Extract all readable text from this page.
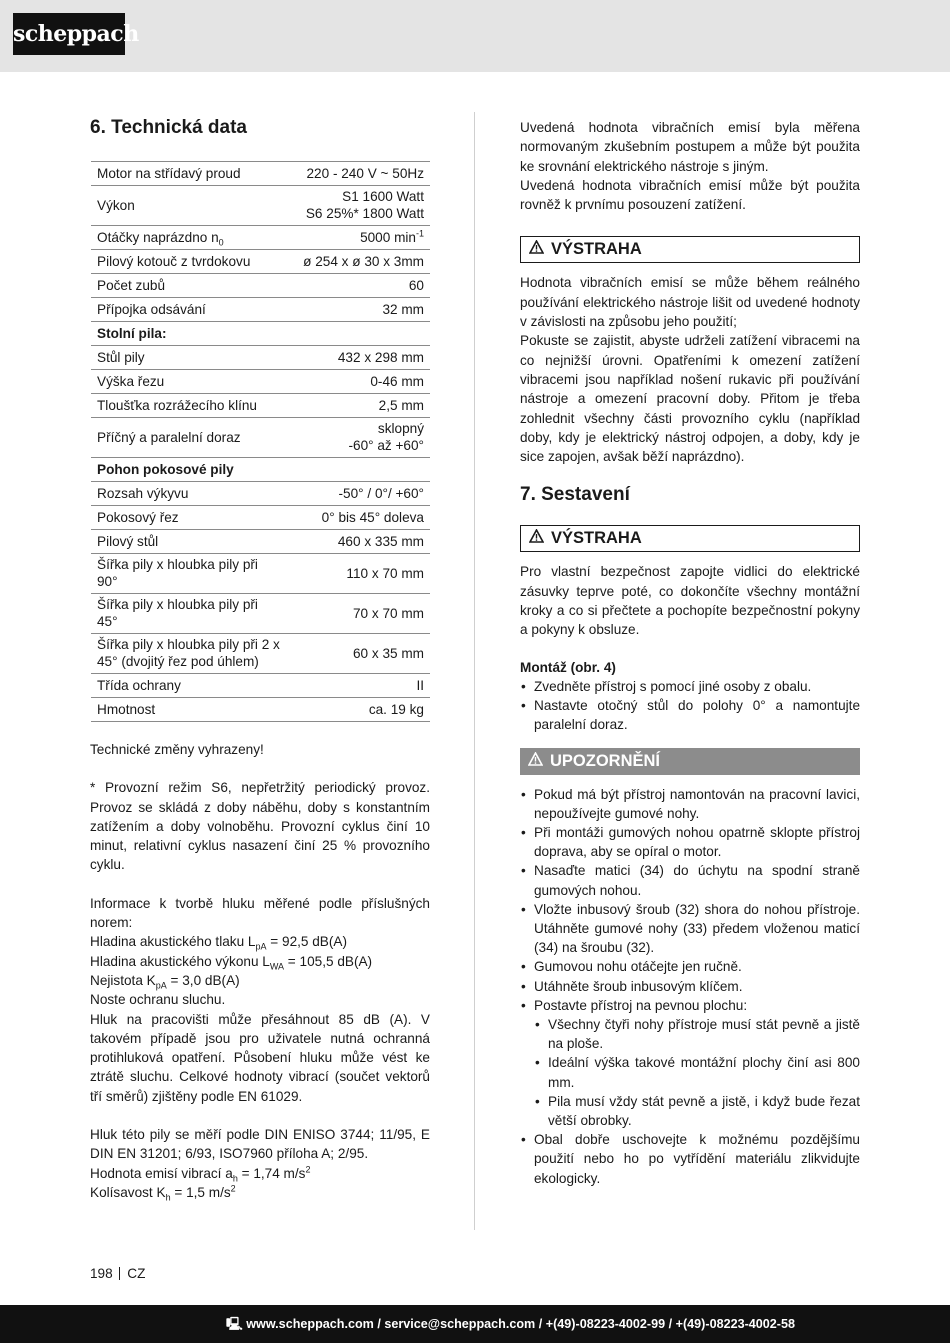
scheppach
6. Technická data
Motor na střídavý proud	220 - 240 V ~ 50Hz
Výkon	S1 1600 Watt
S6 25%* 1800 Watt

Otáčky naprázdno $n_0$	5000 $\min^{-1}$
Pilový kotouč z tvrdokovu	ø 254 x ø 30 x 3mm
Počet zubů	60
Přípojka odsávání	32 mm
Stolní pila:	
Stůl pily	432 x 298 mm
Výška řezu	0-46 mm
Tloušťka rozrážecího klínu	2,5 mm
Příčný a paralelní doraz	sklopný
-60° až +60°

Pohon pokosové pily	
Rozsah výkyvu	-50° / 0°/ +60°
Pokosový řez	0° bis 45° doleva
Pilový stůl	460 x 335 mm
Šířka pily x hloubka pily při 90°	110 x 70 mm
Šířka pily x hloubka pily při 45°	70 x 70 mm
Šířka pily x hloubka pily při 2 x 45° (dvojitý řez pod úhlem)	60 x 35 mm
Třída ochrany	II
Hmotnost	ca. 19 kg

Technické změny vyhrazeny!

* Provozní režim S6, nepřetržitý periodický provoz. Provoz se skládá z doby náběhu, doby s konstantním zatížením a doby volnoběhu. Provozní cyklus činí 10 minut, relativní cyklus nasazení činí 25 % provozního cyklu.

Informace k tvorbě hluku měřené podle příslušných norem:

Hladina akustického tlaku $L_{pA} = 92,5$ dB(A)

Hladina akustického výkonu $L_{WA} = 105,5$ dB(A)

Nejistota $K_{pA} = 3,0$ dB(A)

Noste ochranu sluchu.

Hluk na pracovišti může přesáhnout 85 dB (A). V takovém případě jsou pro uživatele nutná ochranná protihluková opatření. Působení hluku může vést ke ztrátě sluchu. Celkové hodnoty vibrací (součet vektorů tří směrů) zjištěny podle EN 61029.

Hluk této pily se měří podle DIN ENISO 3744; 11/95, E DIN EN 31201; 6/93, ISO7960 příloha A; 2/95.

Hodnota emisí vibrací $a_h = 1,74$ $m/s^2$

Kolísavost $K_h = 1,5$ $m/s^2$

Uvedená hodnota vibračních emisí byla měřena normovaným zkušebním postupem a může být použita ke srovnání elektrického nástroje s jiným.

Uvedená hodnota vibračních emisí může být použita rovněž k prvnímu posouzení zatížení.

VÝSTRAHA

Hodnota vibračních emisí se může během reálného používání elektrického nástroje lišit od uvedené hodnoty v závislosti na způsobu jeho použití;

Pokuste se zajistit, abyste udrželi zatížení vibracemi na co nejnižší úrovni. Opatřeními k omezení zatížení vibracemi jsou například nošení rukavic při používání nástroje a omezení pracovní doby. Přitom je třeba zohlednit všechny části provozního cyklu (například doby, kdy je elektrický nástroj odpojen, a doby, kdy je sice zapojen, avšak běží naprázdno).

7. Sestavení
VÝSTRAHA

Pro vlastní bezpečnost zapojte vidlici do elektrické zásuvky teprve poté, co dokončíte všechny montážní kroky a co si přečtete a pochopíte bezpečnostní pokyny a pokyny k obsluze.

Montáž (obr. 4)

• Zvedněte přístroj s pomocí jiné osoby z obalu.
• Nastavte otočný stůl do polohy 0° a namontujte paralelní doraz.
UPOZORNĚNÍ
• Pokud má být přístroj namontován na pracovní lavici, nepoužívejte gumové nohy.
• Při montáži gumových nohou opatrně sklopte přístroj doprava, aby se opíral o motor.
• Nasaďte matici (34) do úchytu na spodní straně gumových nohou.
• Vložte inbusový šroub (32) shora do nohou přístroje. Utáhněte gumové nohy (33) předem vloženou maticí (34) na šroubu (32).
• Gumovou nohu otáčejte jen ručně.
• Utáhněte šroub inbusovým klíčem.
• Postavte přístroj na pevnou plochu:
• Všechny čtyři nohy přístroje musí stát pevně a jistě na ploše.
• Ideální výška takové montážní plochy činí asi 800 mm.
• Pila musí vždy stát pevně a jistě, i když bude řezat větší obrobky.
• Obal dobře uschovejte k možnému pozdějšímu použití nebo ho po vytřídění materiálu zlikvidujte ekologicky.
198 CZ
🖳︎ www.scheppach.com / service@scheppach.com / +(49)-08223-4002-99 / +(49)-08223-4002-58
